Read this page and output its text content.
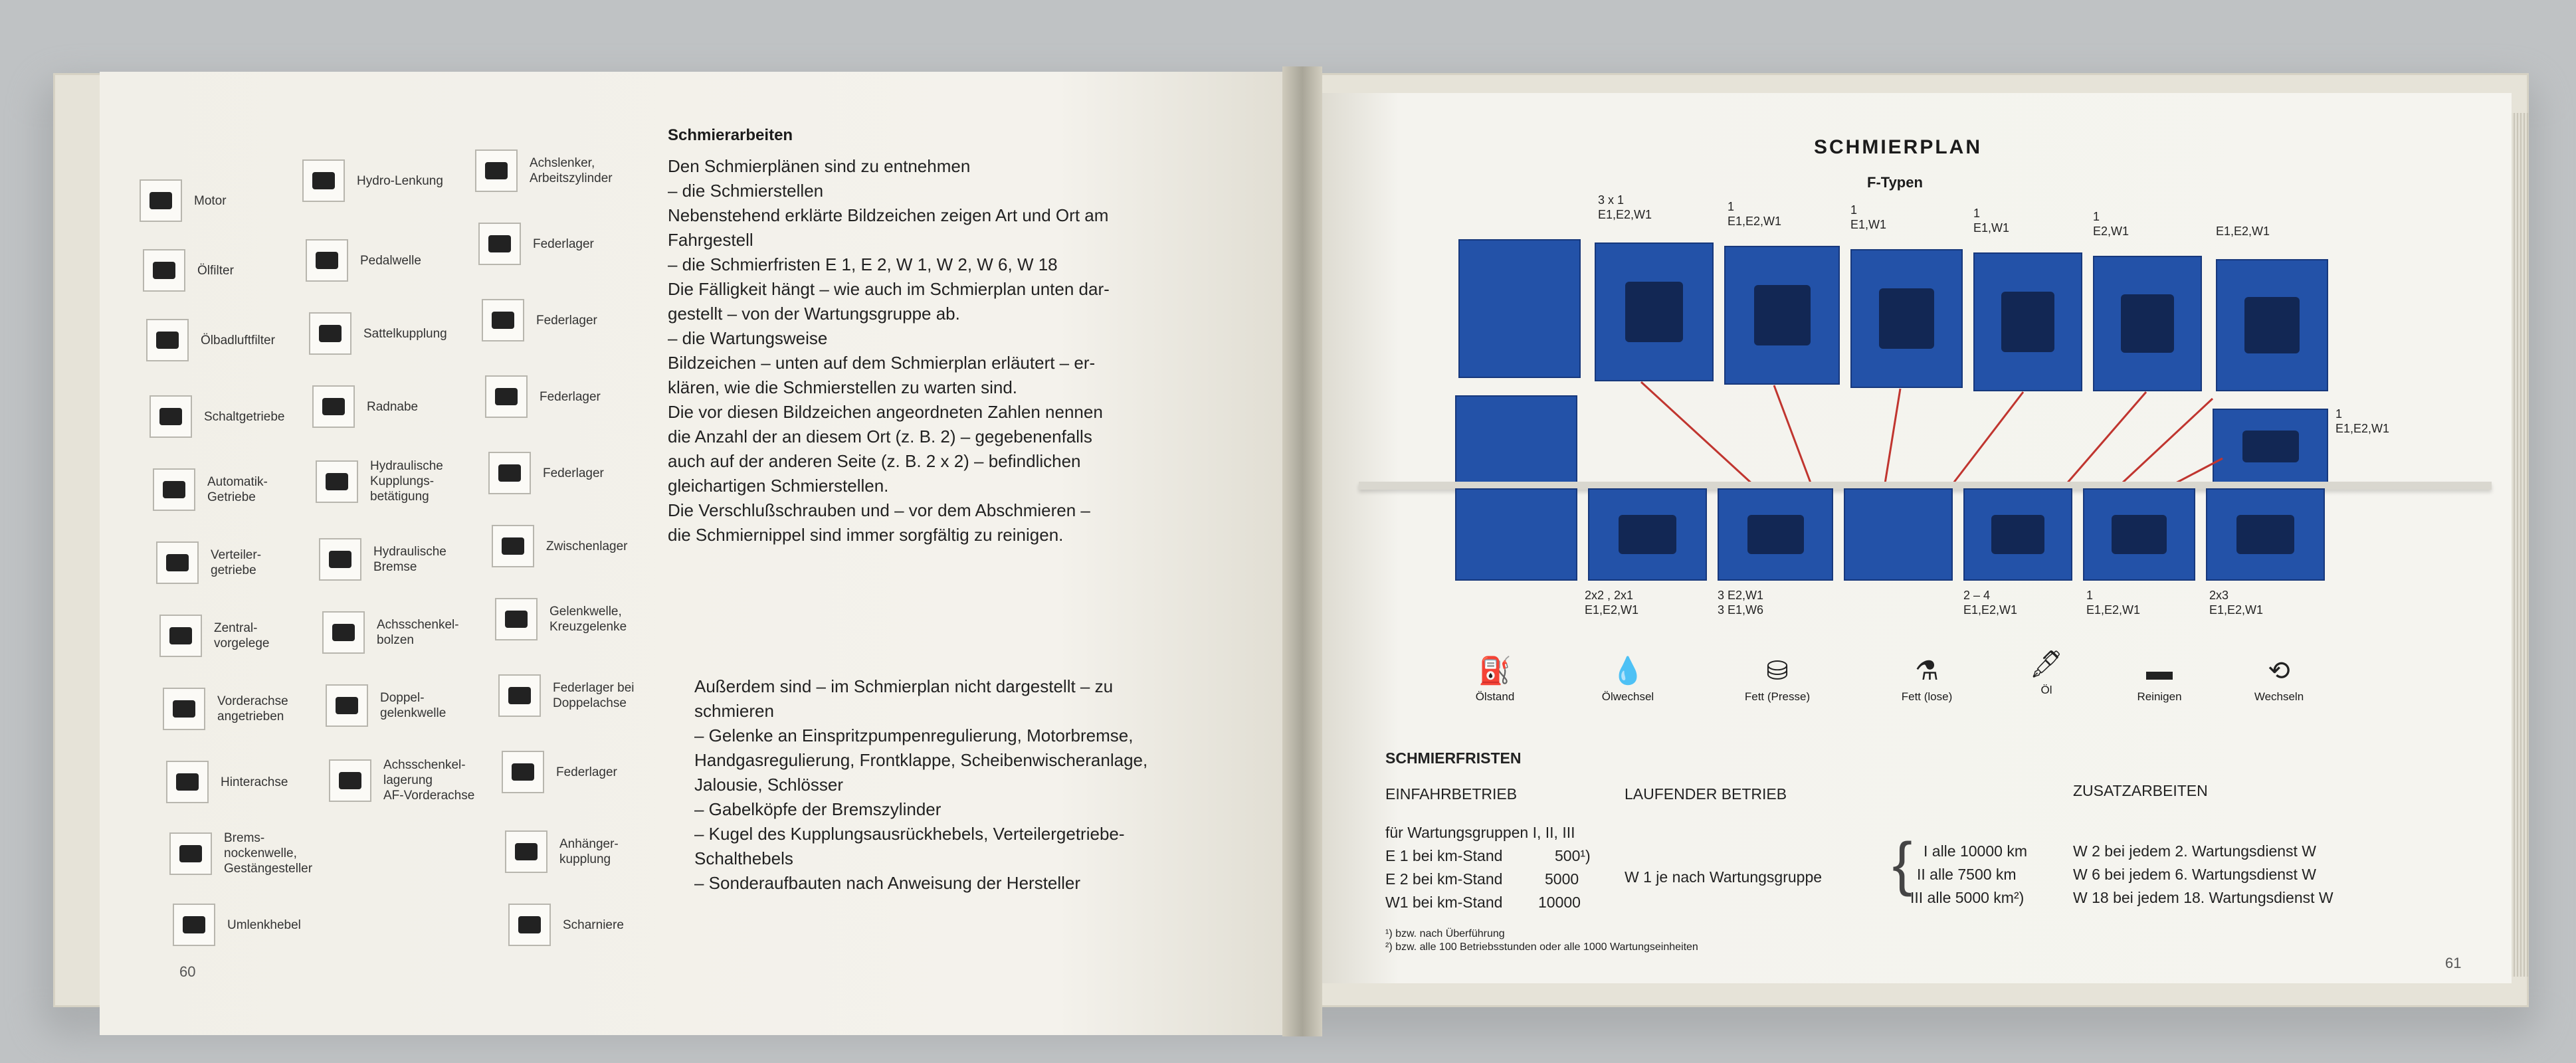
Motor
Ölfilter
Ölbadluftfilter
Schaltgetriebe
Automatik-
Getriebe
Verteiler-
getriebe
Zentral-
vorgelege
Vorderachse
angetrieben
Hinterachse
Brems-
nockenwelle,
Gestängesteller
Umlenkhebel
Hydro-Lenkung
Pedalwelle
Sattelkupplung
Radnabe
Hydraulische
Kupplungs-
betätigung
Hydraulische
Bremse
Achsschenkel-
bolzen
Doppel-
gelenkwelle
Achsschenkel-
lagerung
AF-Vorderachse
Achslenker,
Arbeitszylinder
Federlager
Federlager
Federlager
Federlager
Zwischenlager
Gelenkwelle,
Kreuzgelenke
Federlager bei
Doppelachse
Federlager
Anhänger-
kupplung
Scharniere
Schmierarbeiten
Den Schmierplänen sind zu entnehmen
– die Schmierstellen
Nebenstehend erklärte Bildzeichen zeigen Art und Ort am
Fahrgestell
– die Schmierfristen E 1, E 2, W 1, W 2, W 6, W 18
Die Fälligkeit hängt – wie auch im Schmierplan unten dar-
gestellt – von der Wartungsgruppe ab.
– die Wartungsweise
Bildzeichen – unten auf dem Schmierplan erläutert – er-
klären, wie die Schmierstellen zu warten sind.
Die vor diesen Bildzeichen angeordneten Zahlen nennen
die Anzahl der an diesem Ort (z. B. 2) – gegebenenfalls
auch auf der anderen Seite (z. B. 2 x 2) – befindlichen
gleichartigen Schmierstellen.
Die Verschlußschrauben und – vor dem Abschmieren –
die Schmiernippel sind immer sorgfältig zu reinigen.
Außerdem sind – im Schmierplan nicht dargestellt – zu
schmieren
– Gelenke an Einspritzpumpenregulierung, Motorbremse,
Handgasregulierung, Frontklappe, Scheibenwischeranlage,
Jalousie, Schlösser
– Gabelköpfe der Bremszylinder
– Kugel des Kupplungsausrückhebels, Verteilergetriebe-
Schalthebels
– Sonderaufbauten nach Anweisung der Hersteller
60
SCHMIERPLAN
F-Typen
3 x 1
E1,E2,W1
1
E1,E2,W1
1
E1,W1
1
E1,W1
1
E2,W1	
E1,E2,W1
1
E1,E2,W1
2x2 , 2x1
E1,E2,W1
3 E2,W1
3 E1,W6
2 – 4
E1,E2,W1
1
E1,E2,W1
2x3
E1,E2,W1
⛽
Ölstand
💧
Ölwechsel
⛁
Fett (Presse)
⚗
Fett (lose)
🖋
Öl
▬
Reinigen
⟲
Wechseln
SCHMIERFRISTEN
EINFAHRBETRIEB	LAUFENDER BETRIEB	ZUSATZARBEITEN
für Wartungsgruppen I, II, III
E 1 bei km-Stand	500¹)
E 2 bei km-Stand	5000
W1 bei km-Stand 10000
W 1 je nach Wartungsgruppe { I alle 10000 km
II alle 7500 km
III alle 5000 km²)
W 2 bei jedem 2. Wartungsdienst W
W 6 bei jedem 6. Wartungsdienst W
W 18 bei jedem 18. Wartungsdienst W
¹) bzw. nach Überführung
²) bzw. alle 100 Betriebsstunden oder alle 1000 Wartungseinheiten
61
